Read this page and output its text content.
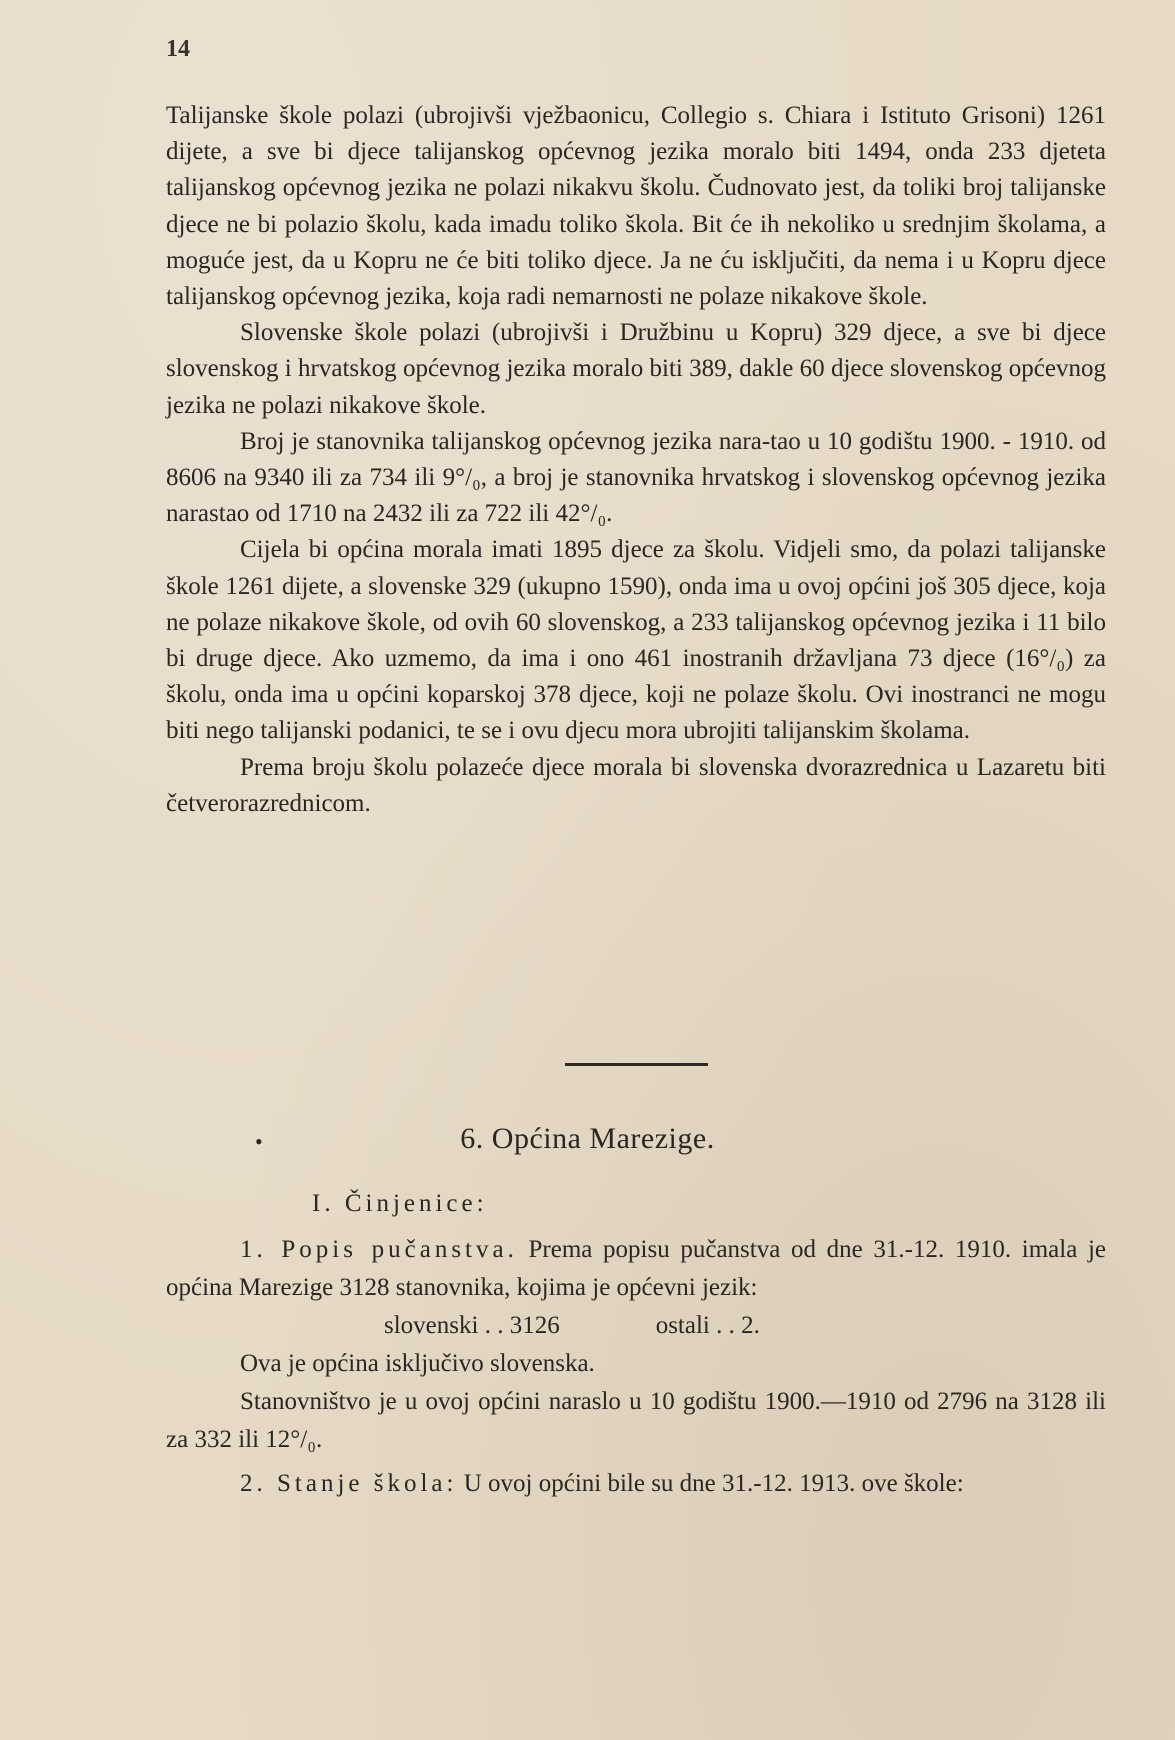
14

Talijanske škole polazi (ubrojivši vježbaonicu, Collegio s. Chiara i Istituto Grisoni) 1261 dijete, a sve bi djece talijanskog općevnog jezika moralo biti 1494, onda 233 djeteta talijanskog općevnog jezika ne polazi nikakvu školu. Čudnovato jest, da toliki broj talijanske djece ne bi polazio školu, kada imadu toliko škola. Bit će ih nekoliko u srednjim školama, a moguće jest, da u Kopru ne će biti toliko djece. Ja ne ću isključiti, da nema i u Kopru djece talijanskog općevnog jezika, koja radi nemarnosti ne polaze nikakove škole.

Slovenske škole polazi (ubrojivši i Družbinu u Kopru) 329 djece, a sve bi djece slovenskog i hrvatskog općevnog jezika moralo biti 389, dakle 60 djece slovenskog općevnog jezika ne polazi nikakove škole.

Broj je stanovnika talijanskog općevnog jezika nara-tao u 10 godištu 1900. - 1910. od 8606 na 9340 ili za 734 ili 9°/₀, a broj je stanovnika hrvatskog i slovenskog općevnog jezika narastao od 1710 na 2432 ili za 722 ili 42°/₀.

Cijela bi općina morala imati 1895 djece za školu. Vidjeli smo, da polazi talijanske škole 1261 dijete, a slovenske 329 (ukupno 1590), onda ima u ovoj općini još 305 djece, koja ne polaze nikakove škole, od ovih 60 slovenskog, a 233 talijanskog općevnog jezika i 11 bilo bi druge djece. Ako uzmemo, da ima i ono 461 inostranih državljana 73 djece (16°/₀) za školu, onda ima u općini koparskoj 378 djece, koji ne polaze školu. Ovi inostranci ne mogu biti nego talijanski podanici, te se i ovu djecu mora ubrojiti talijanskim školama.

Prema broju školu polazeće djece morala bi slovenska dvorazrednica u Lazaretu biti četverorazrednicom.

•	6. Općina Marezige.

I. Činjenice:

1. Popis pučanstva. Prema popisu pučanstva od dne 31.-12. 1910. imala je općina Marezige 3128 stanovnika, kojima je općevni jezik:

slovenski . . 3126	ostali . . 2.

Ova je općina isključivo slovenska.

Stanovništvo je u ovoj općini naraslo u 10 godištu 1900.—1910 od 2796 na 3128 ili za 332 ili 12°/₀.

2. Stanje škola: U ovoj općini bile su dne 31.-12. 1913. ove škole:
